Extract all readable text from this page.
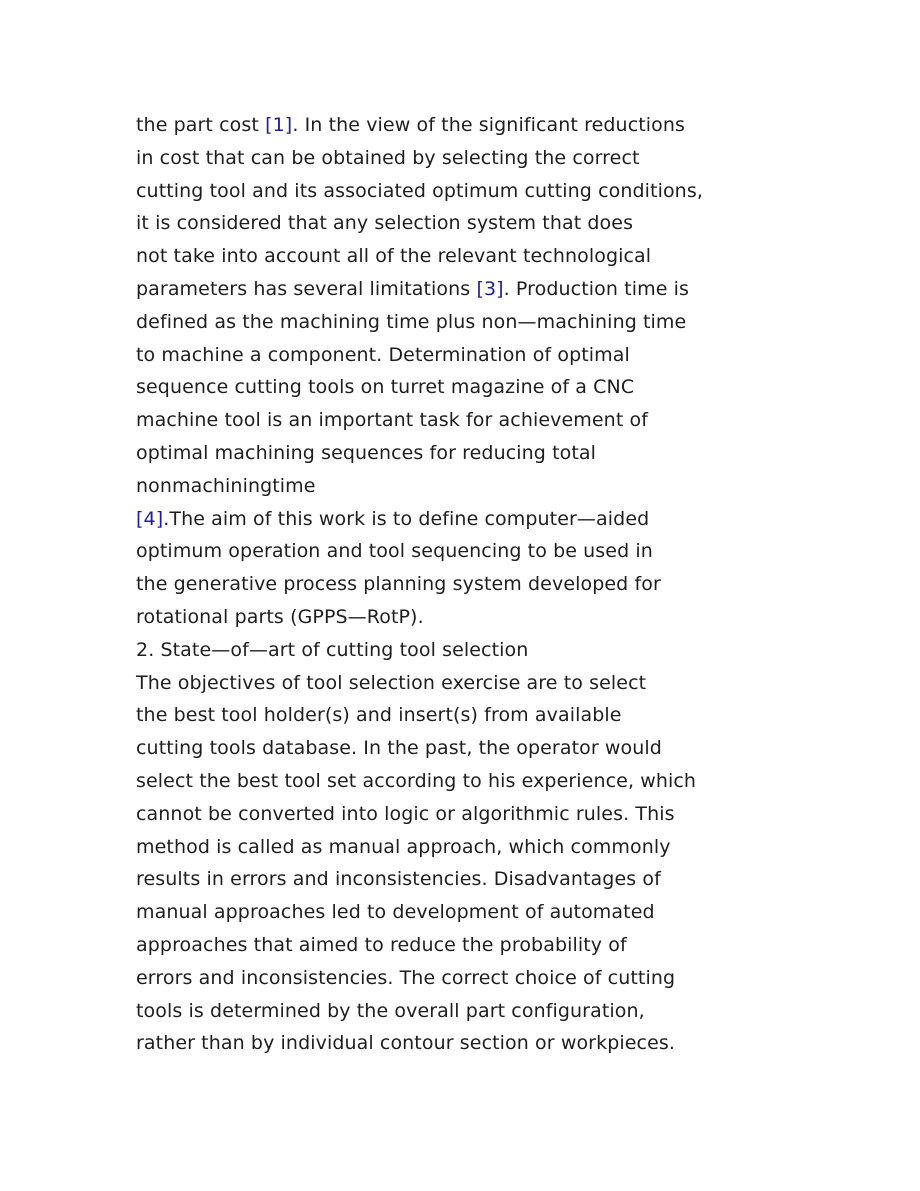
the part cost [1]. In the view of the significant reductions
in cost that can be obtained by selecting the correct
cutting tool and its associated optimum cutting conditions,
it is considered that any selection system that does
not take into account all of the relevant technological
parameters has several limitations [3]. Production time is
defined as the machining time plus non—machining time
to machine a component. Determination of optimal
sequence cutting tools on turret magazine of a CNC
machine tool is an important task for achievement of
optimal machining sequences for reducing total
nonmachiningtime
[4].The aim of this work is to define computer—aided
optimum operation and tool sequencing to be used in
the generative process planning system developed for
rotational parts (GPPS—RotP).
2. State—of—art of cutting tool selection
The objectives of tool selection exercise are to select
the best tool holder(s) and insert(s) from available
cutting tools database. In the past, the operator would
select the best tool set according to his experience, which
cannot be converted into logic or algorithmic rules. This
method is called as manual approach, which commonly
results in errors and inconsistencies. Disadvantages of
manual approaches led to development of automated
approaches that aimed to reduce the probability of
errors and inconsistencies. The correct choice of cutting
tools is determined by the overall part configuration,
rather than by individual contour section or workpieces.
